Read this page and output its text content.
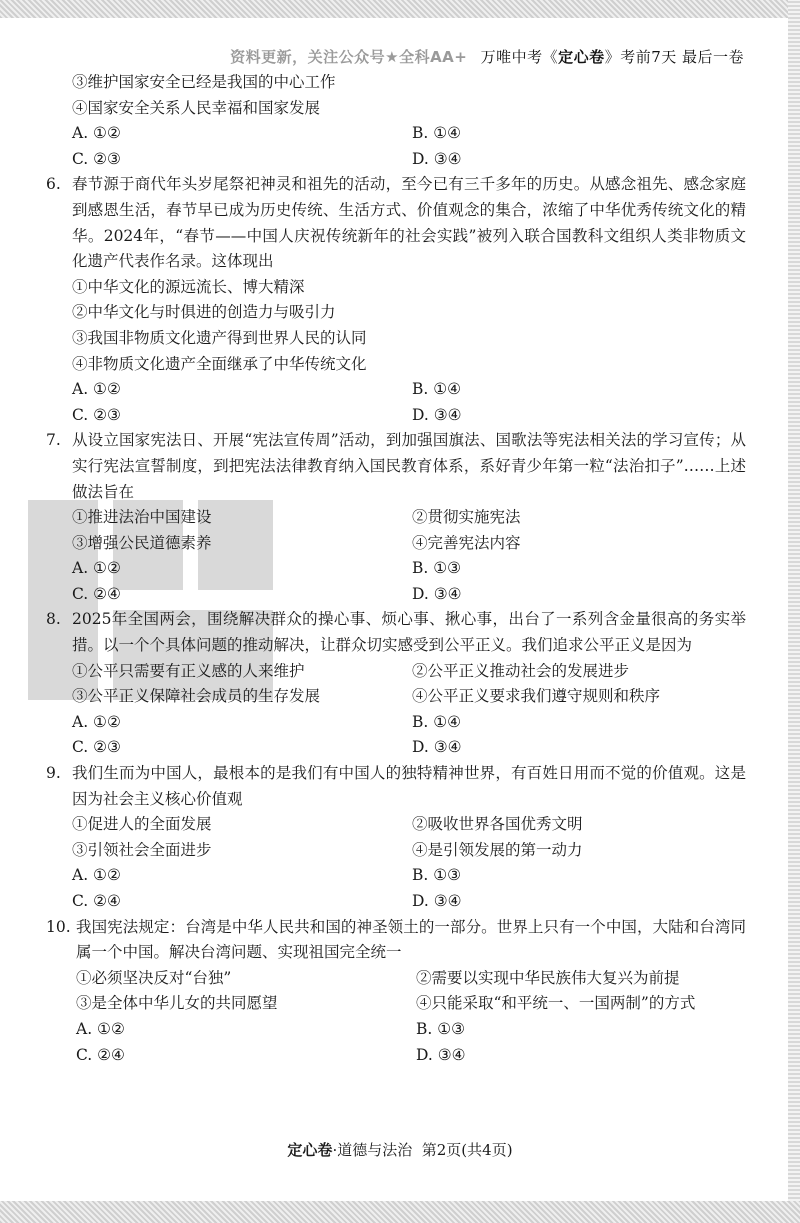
资料更新，关注公众号★全科AA+ 万唯中考《定心卷》考前7天 最后一卷
③维护国家安全已经是我国的中心工作
④国家安全关系人民幸福和国家发展
A. ①②	B. ①④
C. ②③	D. ③④
6. 春节源于商代年头岁尾祭祀神灵和祖先的活动，至今已有三千多年的历史。从感念祖先、感念家庭到感恩生活，春节早已成为历史传统、生活方式、价值观念的集合，浓缩了中华优秀传统文化的精华。2024年，“春节——中国人庆祝传统新年的社会实践”被列入联合国教科文组织人类非物质文化遗产代表作名录。这体现出
①中华文化的源远流长、博大精深
②中华文化与时俱进的创造力与吸引力
③我国非物质文化遗产得到世界人民的认同
④非物质文化遗产全面继承了中华传统文化
A. ①②	B. ①④
C. ②③	D. ③④
7. 从设立国家宪法日、开展“宪法宣传周”活动，到加强国旗法、国歌法等宪法相关法的学习宣传；从实行宪法宣誓制度，到把宪法法律教育纳入国民教育体系，系好青少年第一粒“法治扣子”……上述做法旨在
①推进法治中国建设	②贯彻实施宪法
③增强公民道德素养	④完善宪法内容
A. ①②	B. ①③
C. ②④	D. ③④
8. 2025年全国两会，围绕解决群众的操心事、烦心事、揪心事，出台了一系列含金量很高的务实举措。以一个个具体问题的推动解决，让群众切实感受到公平正义。我们追求公平正义是因为
①公平只需要有正义感的人来维护	②公平正义推动社会的发展进步
③公平正义保障社会成员的生存发展	④公平正义要求我们遵守规则和秩序
A. ①②	B. ①④
C. ②③	D. ③④
9. 我们生而为中国人，最根本的是我们有中国人的独特精神世界，有百姓日用而不觉的价值观。这是因为社会主义核心价值观
①促进人的全面发展	②吸收世界各国优秀文明
③引领社会全面进步	④是引领发展的第一动力
A. ①②	B. ①③
C. ②④	D. ③④
10. 我国宪法规定：台湾是中华人民共和国的神圣领土的一部分。世界上只有一个中国，大陆和台湾同属一个中国。解决台湾问题、实现祖国完全统一
①必须坚决反对“台独”	②需要以实现中华民族伟大复兴为前提
③是全体中华儿女的共同愿望	④只能采取“和平统一、一国两制”的方式
A. ①②	B. ①③
C. ②④	D. ③④
定心卷·道德与法治 第2页(共4页)
